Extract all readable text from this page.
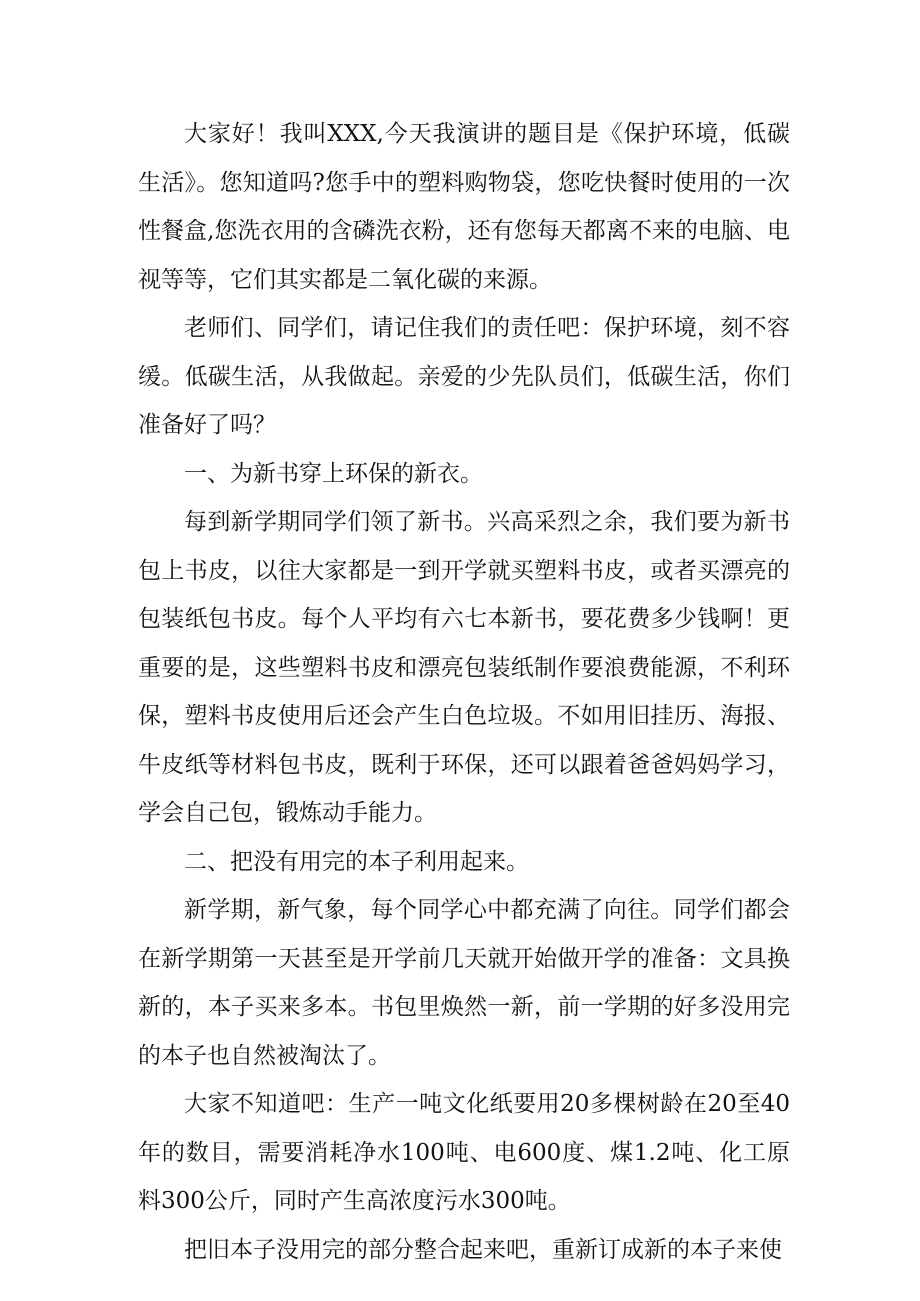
大家好！我叫XXX,今天我演讲的题目是《保护环境，低碳生活》。您知道吗?您手中的塑料购物袋，您吃快餐时使用的一次性餐盒,您洗衣用的含磷洗衣粉，还有您每天都离不来的电脑、电视等等，它们其实都是二氧化碳的来源。

老师们、同学们，请记住我们的责任吧：保护环境，刻不容缓。低碳生活，从我做起。亲爱的少先队员们，低碳生活，你们准备好了吗？

一、为新书穿上环保的新衣。

每到新学期同学们领了新书。兴高采烈之余，我们要为新书包上书皮，以往大家都是一到开学就买塑料书皮，或者买漂亮的包装纸包书皮。每个人平均有六七本新书，要花费多少钱啊！更重要的是，这些塑料书皮和漂亮包装纸制作要浪费能源，不利环保，塑料书皮使用后还会产生白色垃圾。不如用旧挂历、海报、牛皮纸等材料包书皮，既利于环保，还可以跟着爸爸妈妈学习，学会自己包，锻炼动手能力。

二、把没有用完的本子利用起来。

新学期，新气象，每个同学心中都充满了向往。同学们都会在新学期第一天甚至是开学前几天就开始做开学的准备：文具换新的，本子买来多本。书包里焕然一新，前一学期的好多没用完的本子也自然被淘汰了。

大家不知道吧：生产一吨文化纸要用20多棵树龄在20至40年的数目，需要消耗净水100吨、电600度、煤1.2吨、化工原料300公斤，同时产生高浓度污水300吨。

把旧本子没用完的部分整合起来吧，重新订成新的本子来使
